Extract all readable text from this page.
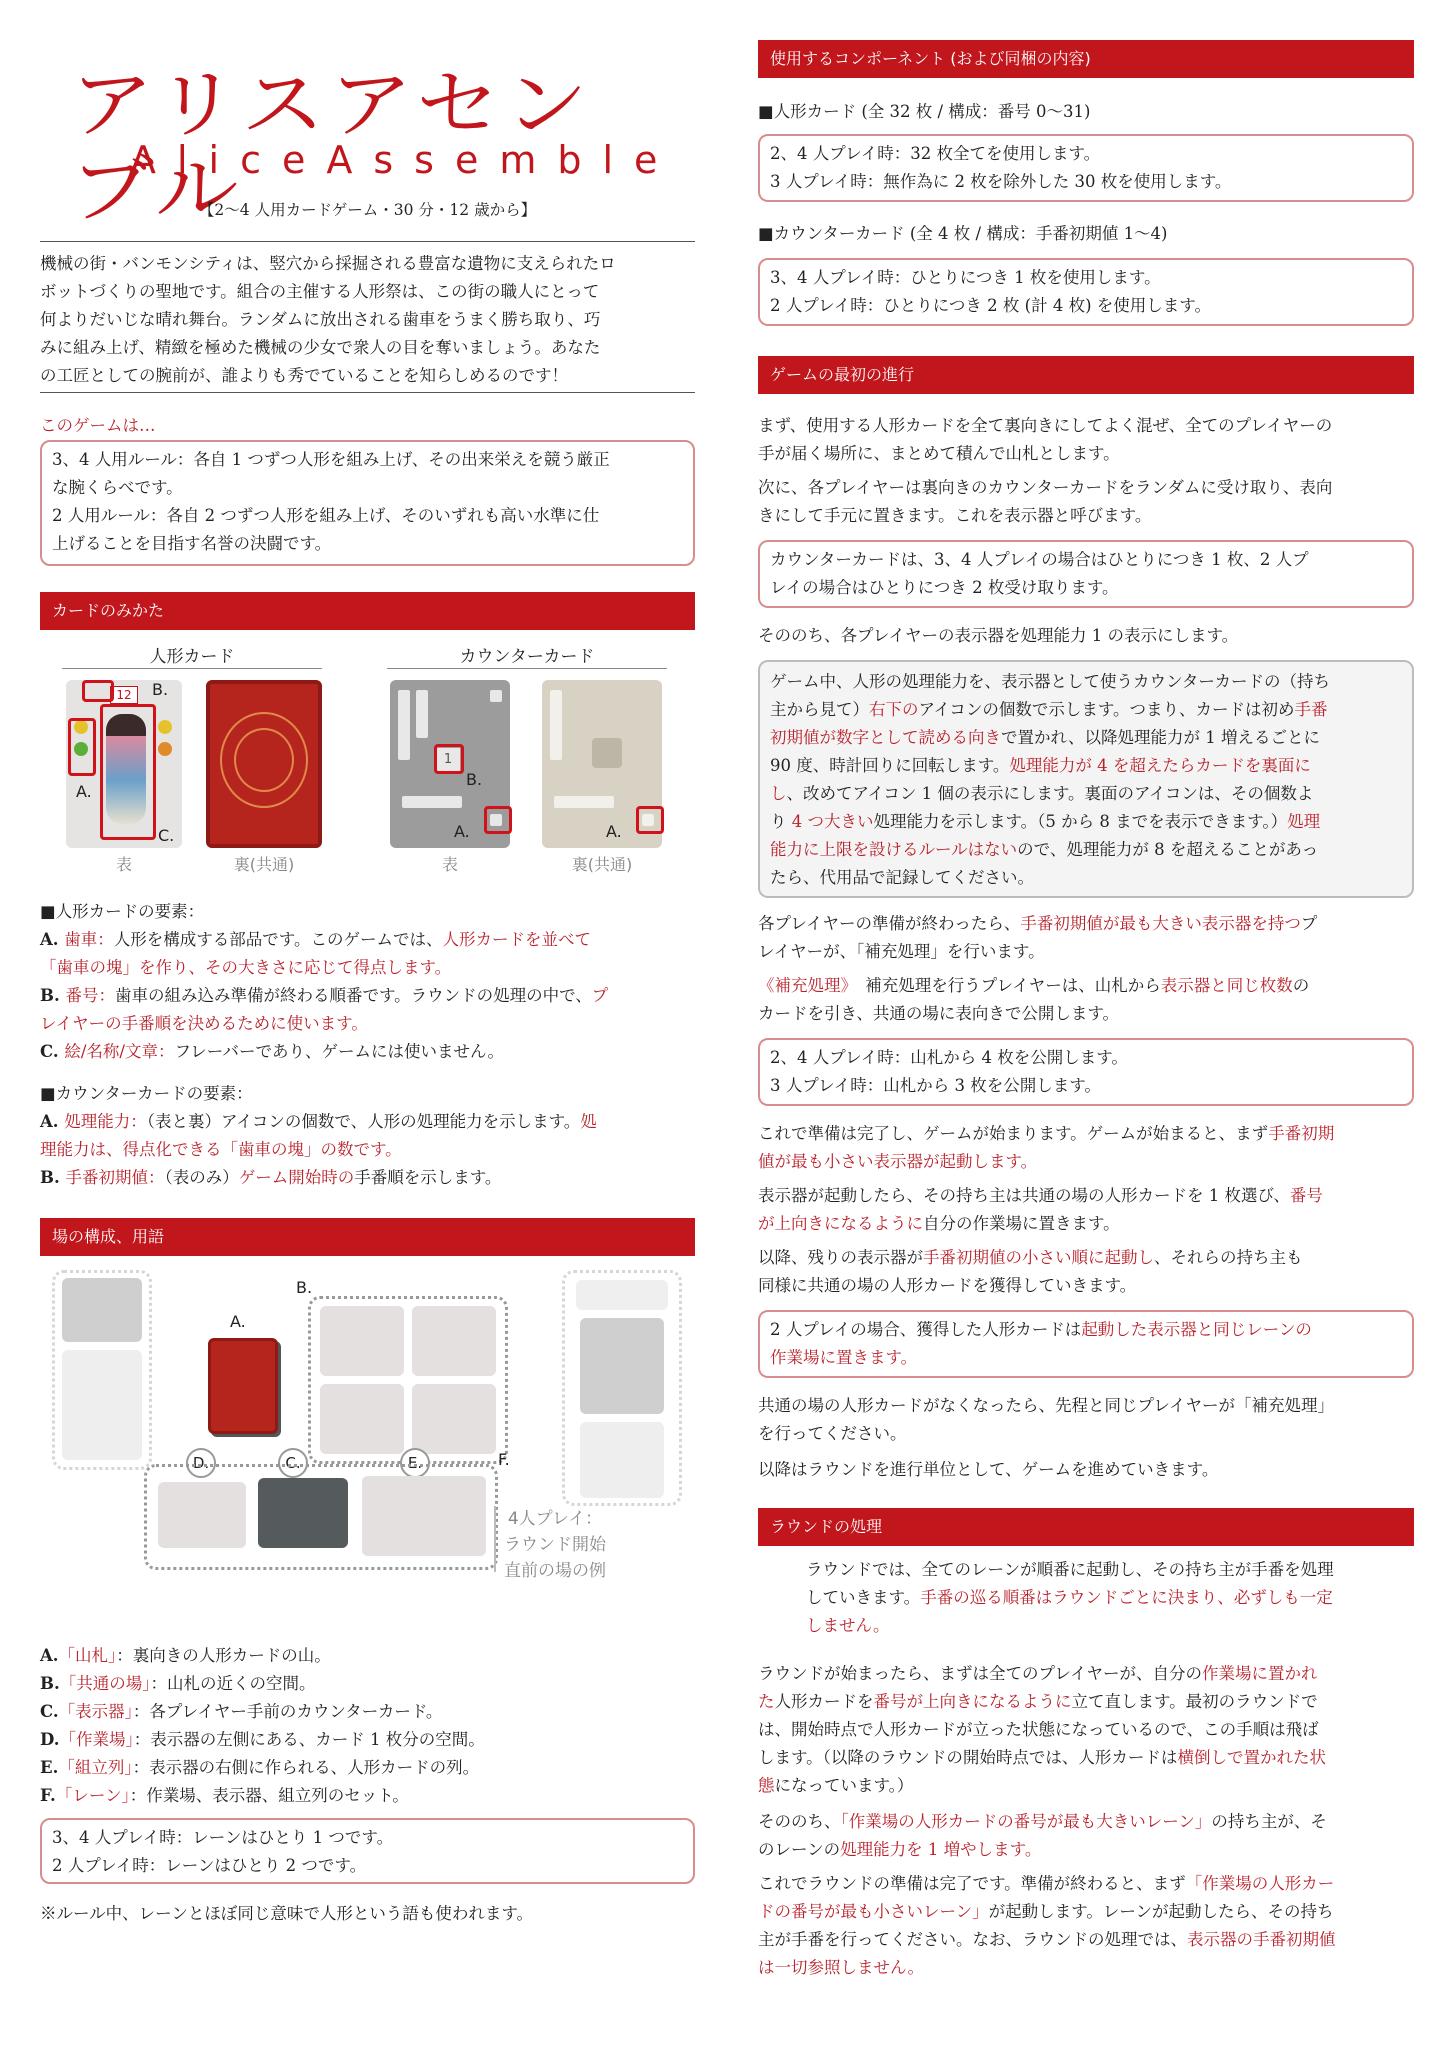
アリスアセンブル
AliceAssemble
【2〜4 人用カードゲーム・30 分・12 歳から】
機械の街・バンモンシティは、竪穴から採掘される豊富な遺物に支えられたロ
ボットづくりの聖地です。組合の主催する人形祭は、この街の職人にとって
何よりだいじな晴れ舞台。ランダムに放出される歯車をうまく勝ち取り、巧
みに組み上げ、精緻を極めた機械の少女で衆人の目を奪いましょう。あなた
の工匠としての腕前が、誰よりも秀でていることを知らしめるのです！
このゲームは…
3、4 人用ルール：各自 1 つずつ人形を組み上げ、その出来栄えを競う厳正
な腕くらべです。
2 人用ルール：各自 2 つずつ人形を組み上げ、そのいずれも高い水準に仕
上げることを目指す名誉の決闘です。
カードのみかた
人形カード	カウンターカード
12	B.
A.
C.
表	裏(共通)
1
B.
A.
表
A.
裏(共通)
■人形カードの要素：
A. 歯車：人形を構成する部品です。このゲームでは、人形カードを並べて
「歯車の塊」を作り、その大きさに応じて得点します。
B. 番号：歯車の組み込み準備が終わる順番です。ラウンドの処理の中で、プ
レイヤーの手番順を決めるために使います。
C. 絵/名称/文章：フレーバーであり、ゲームには使いません。
■カウンターカードの要素：
A. 処理能力：（表と裏）アイコンの個数で、人形の処理能力を示します。処
理能力は、得点化できる「歯車の塊」の数です。
B. 手番初期値：（表のみ）ゲーム開始時の手番順を示します。
場の構成、用語
A.
B.
D.	C.	E.	F.
4人プレイ：
ラウンド開始
直前の場の例
A.「山札」：裏向きの人形カードの山。
B.「共通の場」：山札の近くの空間。
C.「表示器」：各プレイヤー手前のカウンターカード。
D.「作業場」：表示器の左側にある、カード 1 枚分の空間。
E.「組立列」：表示器の右側に作られる、人形カードの列。
F.「レーン」：作業場、表示器、組立列のセット。
3、4 人プレイ時：レーンはひとり 1 つです。
2 人プレイ時：レーンはひとり 2 つです。
※ルール中、レーンとほぼ同じ意味で人形という語も使われます。
使用するコンポーネント (および同梱の内容)
■人形カード (全 32 枚 / 構成：番号 0〜31)
2、4 人プレイ時：32 枚全てを使用します。
3 人プレイ時：無作為に 2 枚を除外した 30 枚を使用します。
■カウンターカード (全 4 枚 / 構成：手番初期値 1〜4)
3、4 人プレイ時：ひとりにつき 1 枚を使用します。
2 人プレイ時：ひとりにつき 2 枚 (計 4 枚) を使用します。
ゲームの最初の進行
まず、使用する人形カードを全て裏向きにしてよく混ぜ、全てのプレイヤーの
手が届く場所に、まとめて積んで山札とします。
次に、各プレイヤーは裏向きのカウンターカードをランダムに受け取り、表向
きにして手元に置きます。これを表示器と呼びます。
カウンターカードは、3、4 人プレイの場合はひとりにつき 1 枚、2 人プ
レイの場合はひとりにつき 2 枚受け取ります。
そののち、各プレイヤーの表示器を処理能力 1 の表示にします。
ゲーム中、人形の処理能力を、表示器として使うカウンターカードの（持ち
主から見て）右下のアイコンの個数で示します。つまり、カードは初め手番
初期値が数字として読める向きで置かれ、以降処理能力が 1 増えるごとに
90 度、時計回りに回転します。処理能力が 4 を超えたらカードを裏面に
し、改めてアイコン 1 個の表示にします。裏面のアイコンは、その個数よ
り 4 つ大きい処理能力を示します。（5 から 8 までを表示できます。）処理
能力に上限を設けるルールはないので、処理能力が 8 を超えることがあっ
たら、代用品で記録してください。
各プレイヤーの準備が終わったら、手番初期値が最も大きい表示器を持つプ
レイヤーが、「補充処理」を行います。
《補充処理》　補充処理を行うプレイヤーは、山札から表示器と同じ枚数の
カードを引き、共通の場に表向きで公開します。
2、4 人プレイ時：山札から 4 枚を公開します。
3 人プレイ時：山札から 3 枚を公開します。
これで準備は完了し、ゲームが始まります。ゲームが始まると、まず手番初期
値が最も小さい表示器が起動します。
表示器が起動したら、その持ち主は共通の場の人形カードを 1 枚選び、番号
が上向きになるように自分の作業場に置きます。
以降、残りの表示器が手番初期値の小さい順に起動し、それらの持ち主も
同様に共通の場の人形カードを獲得していきます。
2 人プレイの場合、獲得した人形カードは起動した表示器と同じレーンの
作業場に置きます。
共通の場の人形カードがなくなったら、先程と同じプレイヤーが「補充処理」
を行ってください。
以降はラウンドを進行単位として、ゲームを進めていきます。
ラウンドの処理
ラウンドでは、全てのレーンが順番に起動し、その持ち主が手番を処理
していきます。手番の巡る順番はラウンドごとに決まり、必ずしも一定
しません。
ラウンドが始まったら、まずは全てのプレイヤーが、自分の作業場に置かれ
た人形カードを番号が上向きになるように立て直します。最初のラウンドで
は、開始時点で人形カードが立った状態になっているので、この手順は飛ば
します。（以降のラウンドの開始時点では、人形カードは横倒しで置かれた状
態になっています。）
そののち、「作業場の人形カードの番号が最も大きいレーン」の持ち主が、そ
のレーンの処理能力を 1 増やします。
これでラウンドの準備は完了です。準備が終わると、まず「作業場の人形カー
ドの番号が最も小さいレーン」が起動します。レーンが起動したら、その持ち
主が手番を行ってください。なお、ラウンドの処理では、表示器の手番初期値
は一切参照しません。
